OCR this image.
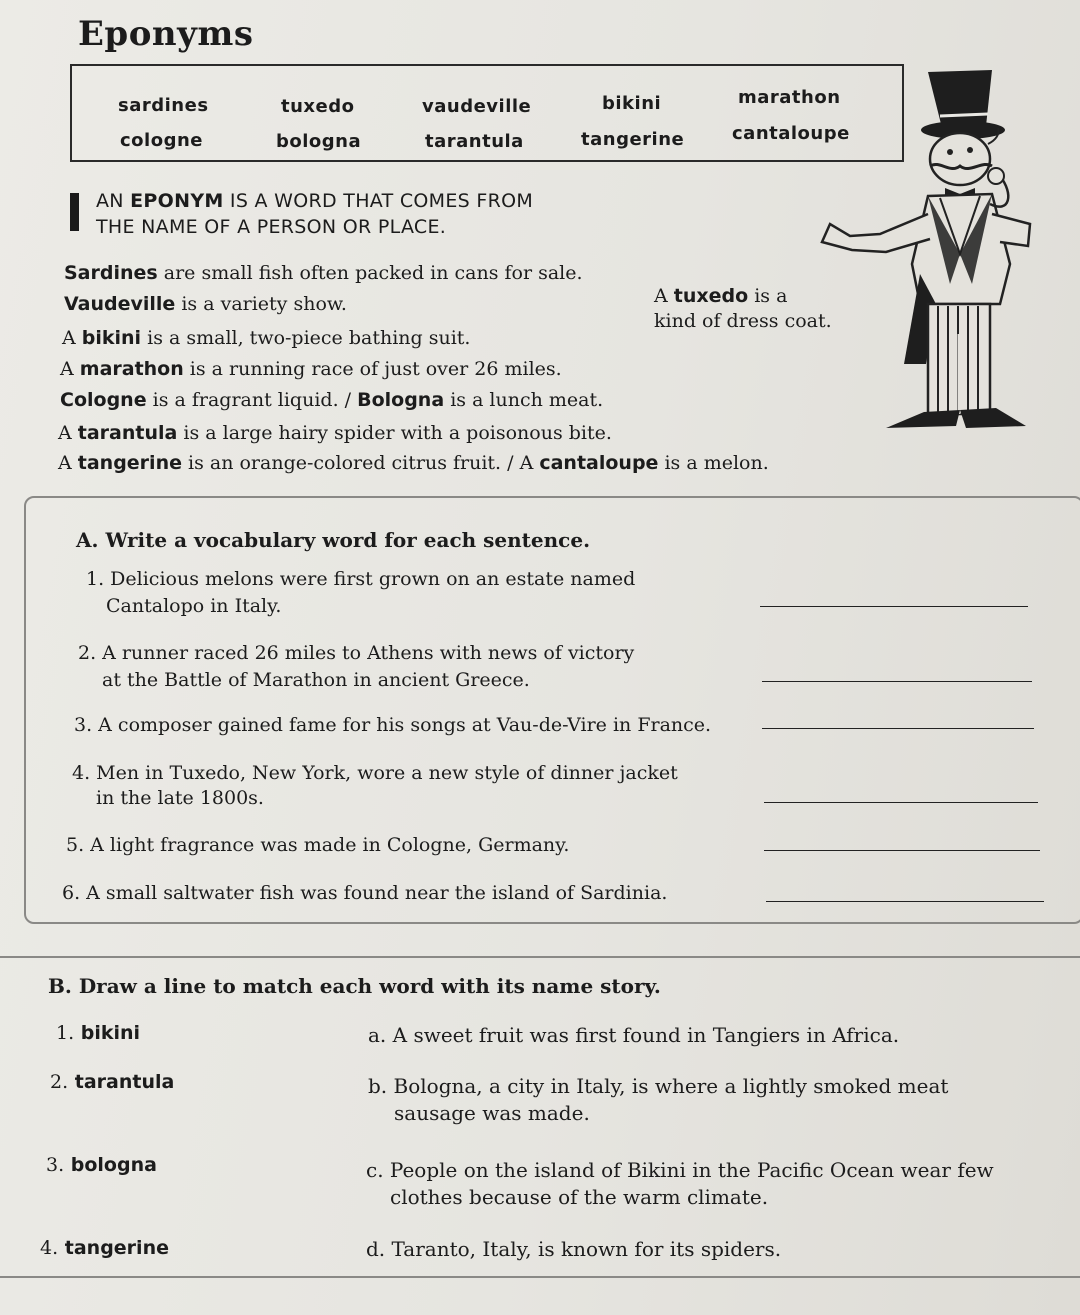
Eponyms
sardines	tuxedo	vaudeville	bikini	marathon
cologne	bologna	tarantula	tangerine	cantaloupe
AN EPONYM IS A WORD THAT COMES FROM
THE NAME OF A PERSON OR PLACE.
Sardines are small fish often packed in cans for sale.
Vaudeville is a variety show.	A tuxedo is a
kind of dress coat.
A bikini is a small, two-piece bathing suit.
A marathon is a running race of just over 26 miles.
Cologne is a fragrant liquid. / Bologna is a lunch meat.
A tarantula is a large hairy spider with a poisonous bite.
A tangerine is an orange-colored citrus fruit. / A cantaloupe is a melon.
A. Write a vocabulary word for each sentence.
1. Delicious melons were first grown on an estate named
Cantalopo in Italy.
2. A runner raced 26 miles to Athens with news of victory
at the Battle of Marathon in ancient Greece.
3. A composer gained fame for his songs at Vau-de-Vire in France.
4. Men in Tuxedo, New York, wore a new style of dinner jacket
in the late 1800s.
5. A light fragrance was made in Cologne, Germany.
6. A small saltwater fish was found near the island of Sardinia.
B. Draw a line to match each word with its name story.
1. bikini
2. tarantula
3. bologna
4. tangerine
a. A sweet fruit was first found in Tangiers in Africa.
b. Bologna, a city in Italy, is where a lightly smoked meat
sausage was made.
c. People on the island of Bikini in the Pacific Ocean wear few
clothes because of the warm climate.
d. Taranto, Italy, is known for its spiders.
